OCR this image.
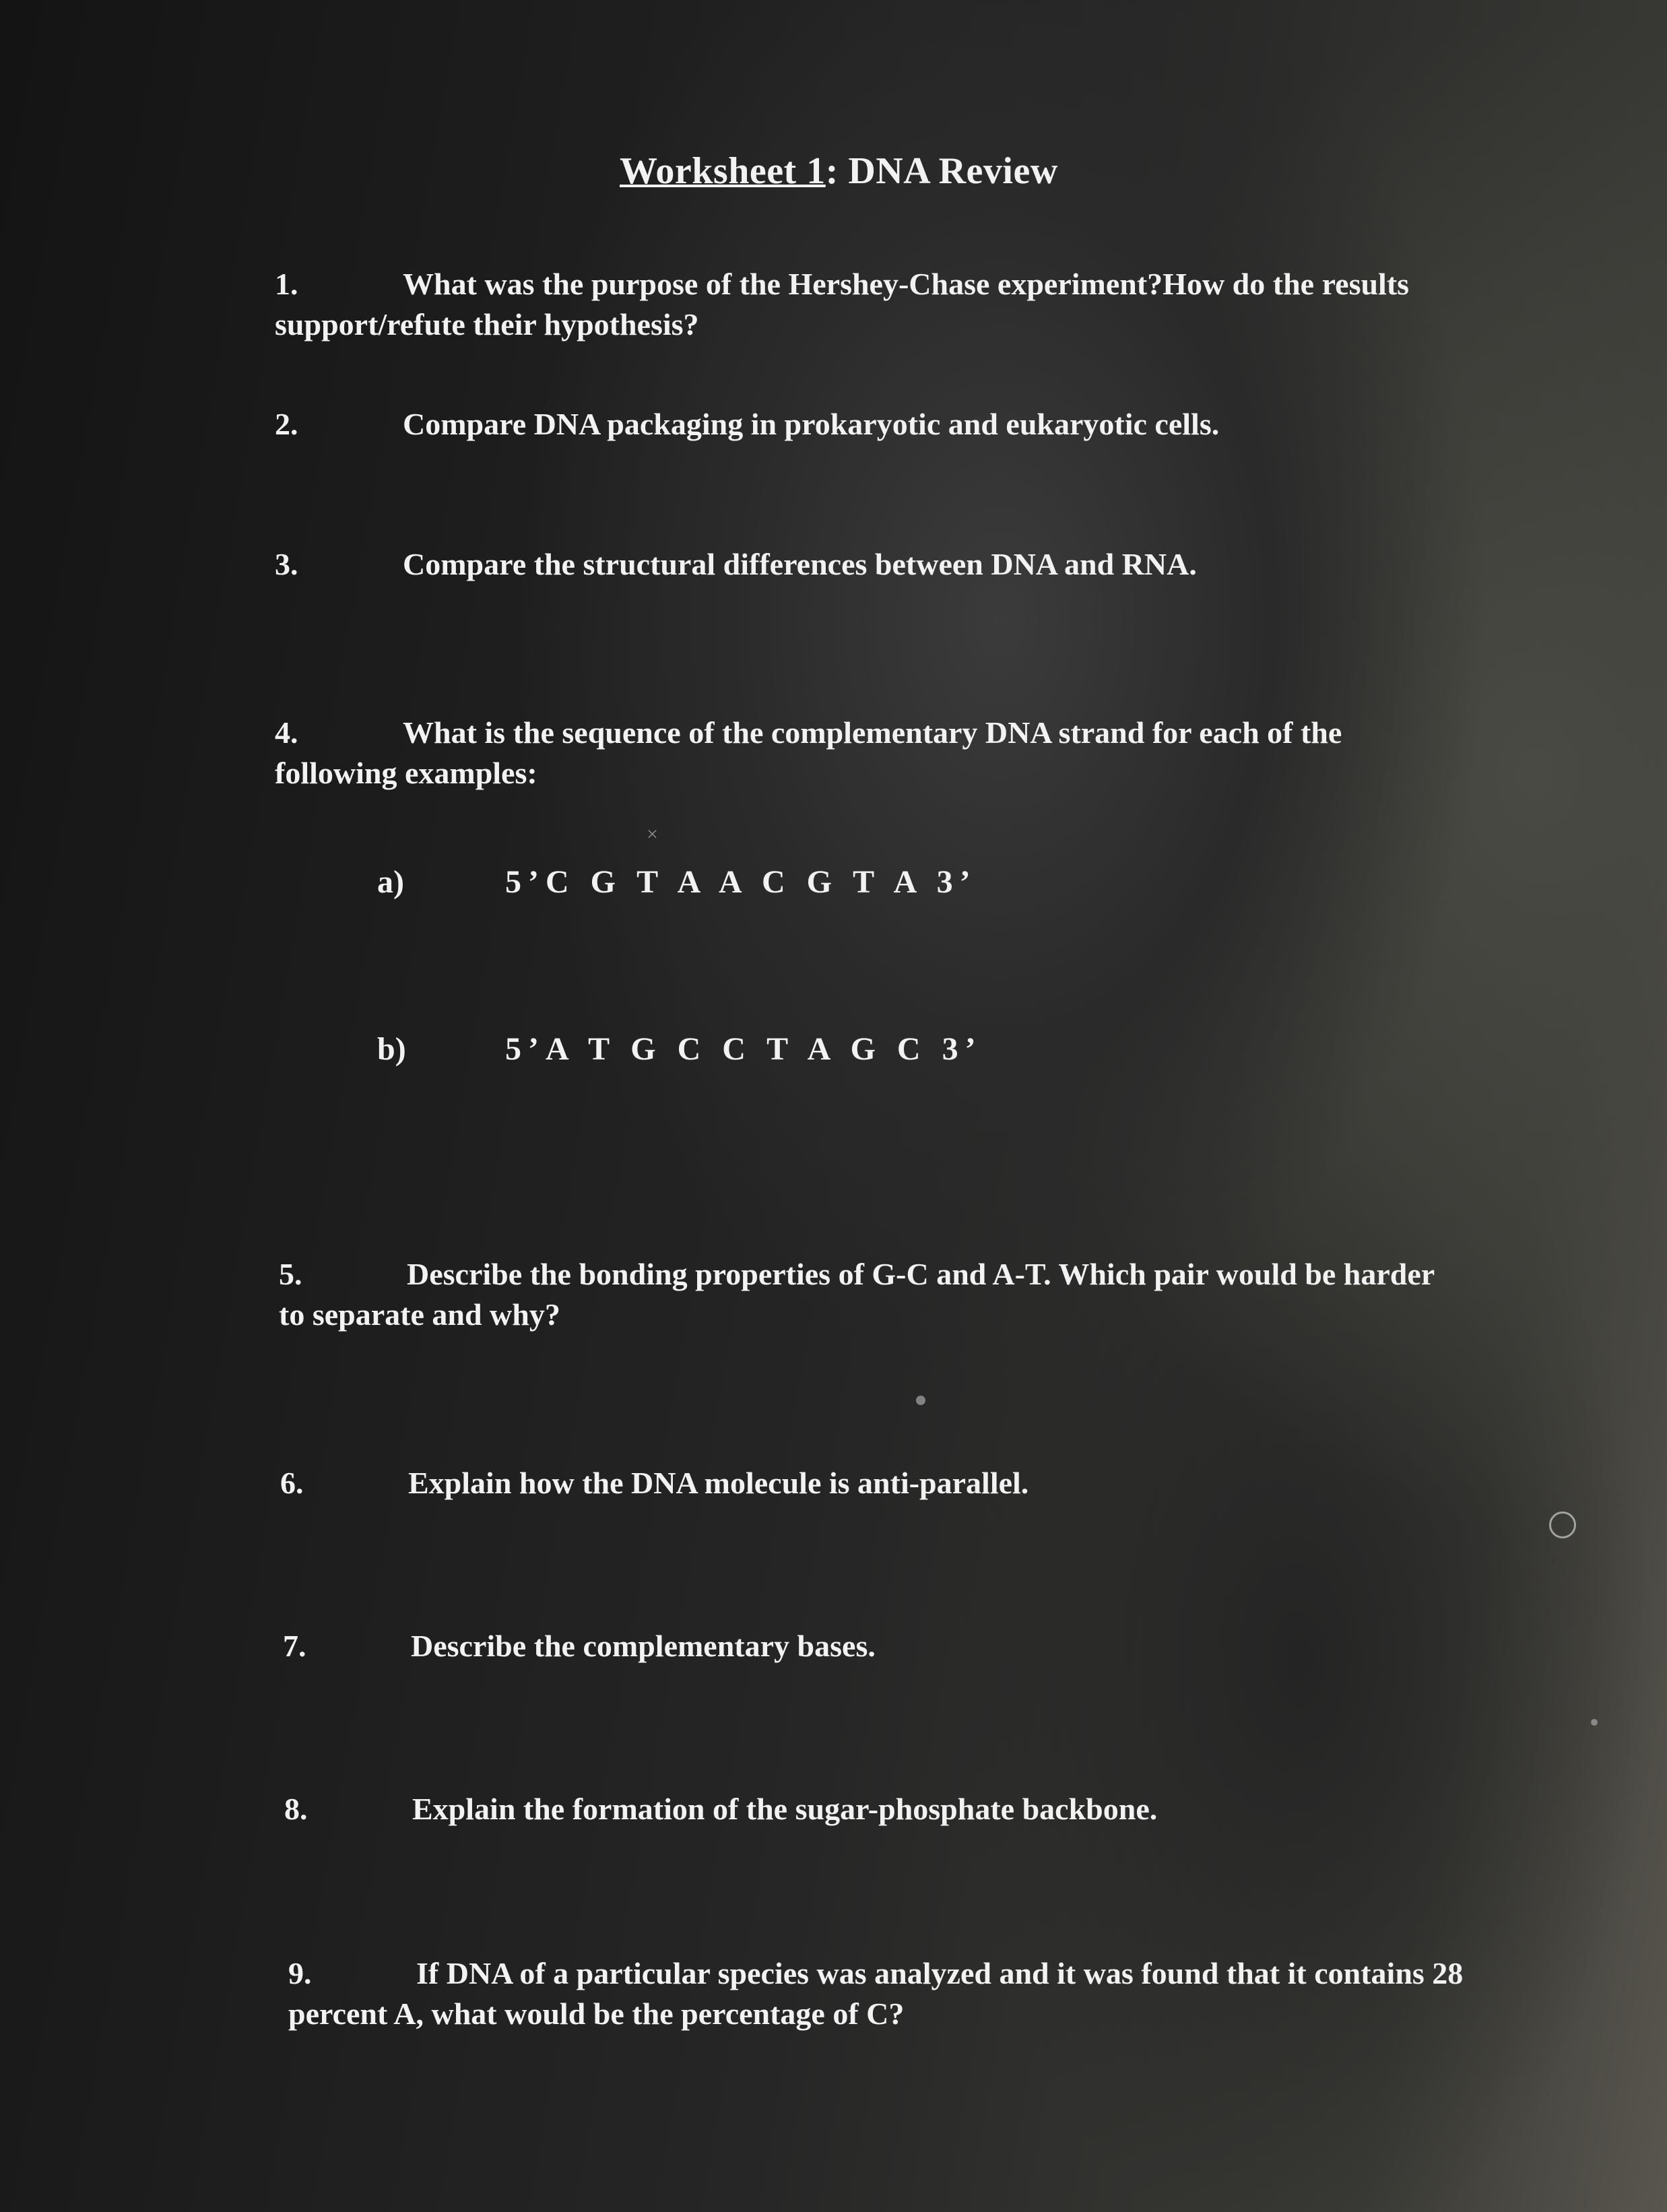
Worksheet 1: DNA Review
1.	What was the purpose of the Hershey-Chase experiment?How do the results
support/refute their hypothesis?
2.	Compare DNA packaging in prokaryotic and eukaryotic cells.
3.	Compare the structural differences between DNA and RNA.
4.	What is the sequence of the complementary DNA strand for each of the
following examples:
a)	5’C G T A A C G T A 3’
b)	5’A T G C C T A G C 3’
5.	Describe the bonding properties of G-C and A-T. Which pair would be harder
to separate and why?
6.	Explain how the DNA molecule is anti-parallel.
7.	Describe the complementary bases.
8.	Explain the formation of the sugar-phosphate backbone.
9.	If DNA of a particular species was analyzed and it was found that it contains 28
percent A, what would be the percentage of C?
×
